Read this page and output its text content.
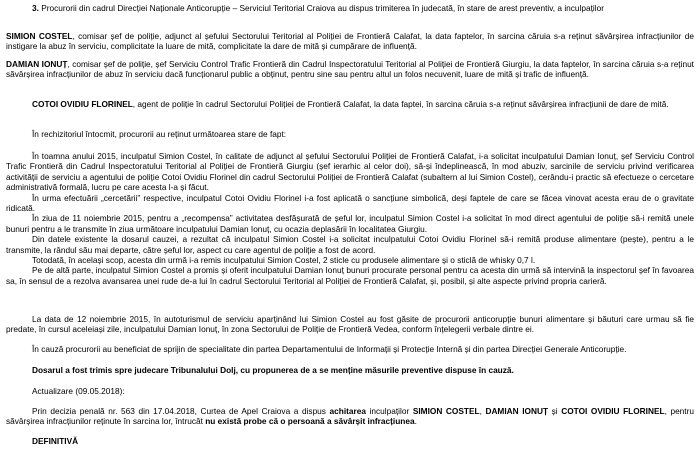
3. Procurorii din cadrul Direcției Naționale Anticorupție – Serviciul Teritorial Craiova au dispus trimiterea în judecată, în stare de arest preventiv, a inculpaților

SIMION COSTEL, comisar șef de poliție, adjunct al șefului Sectorului Teritorial al Poliției de Frontieră Calafat, la data faptelor, în sarcina căruia s-a reținut săvârșirea infracțiunilor de instigare la abuz în serviciu, complicitate la luare de mită, complicitate la dare de mită și cumpărare de influență.

DAMIAN IONUȚ, comisar șef de poliție, șef Serviciu Control Trafic Frontieră din Cadrul Inspectoratului Teritorial al Poliției de Frontieră Giurgiu, la data faptelor, în sarcina căruia s-a reținut săvârșirea infracțiunilor de abuz în serviciu dacă funcționarul public a obținut, pentru sine sau pentru altul un folos necuvenit, luare de mită și trafic de influență.

COTOI OVIDIU FLORINEL, agent de poliție în cadrul Sectorului Poliției de Frontieră Calafat, la data faptei, în sarcina căruia s-a reținut săvârșirea infracțiunii de dare de mită.

În rechizitoriul întocmit, procurorii au reținut următoarea stare de fapt:

În toamna anului 2015, inculpatul Simion Costel, în calitate de adjunct al șefului Sectorului Poliției de Frontieră Calafat, i-a solicitat inculpatului Damian Ionuț, șef Serviciu Control Trafic Frontieră din Cadrul Inspectoratului Teritorial al Poliției de Frontieră Giurgiu (șef ierarhic al celor doi), să-și îndeplinească, în mod abuziv, sarcinile de serviciu privind verificarea activității de serviciu a agentului de poliție Cotoi Ovidiu Florinel din cadrul Sectorului Poliției de Frontieră Calafat (subaltern al lui Simion Costel), cerându-i practic să efectueze o cercetare administrativă formală, lucru pe care acesta l-a și făcut.

În urma efectuării „cercetării” respective, inculpatul Cotoi Ovidiu Florinel i-a fost aplicată o sancțiune simbolică, deși faptele de care se făcea vinovat acesta erau de o gravitate ridicată.

În ziua de 11 noiembrie 2015, pentru a „recompensa” activitatea desfășurată de șeful lor, inculpatul Simion Costel i-a solicitat în mod direct agentului de poliție să-i remită unele bunuri pentru a le transmite în ziua următoare inculpatului Damian Ionuț, cu ocazia deplasării în localitatea Giurgiu.

Din datele existente la dosarul cauzei, a rezultat că inculpatul Simion Costel i-a solicitat inculpatului Cotoi Ovidiu Florinel să-i remită produse alimentare (pește), pentru a le transmite, la rândul său mai departe, către șeful lor, aspect cu care agentul de poliție a fost de acord.

Totodată, în același scop, acesta din urmă i-a remis inculpatului Simion Costel, 2 sticle cu produsele alimentare și o sticlă de whisky 0,7 l.

Pe de altă parte, inculpatul Simion Costel a promis și oferit inculpatului Damian Ionuț bunuri procurate personal pentru ca acesta din urmă să intervină la inspectorul șef în favoarea sa, în sensul de a rezolva avansarea unei rude de-a lui în cadrul Sectorului Teritorial al Poliției de Frontieră Calafat, și, posibil, și alte aspecte privind propria carieră.

La data de 12 noiembrie 2015, în autoturismul de serviciu aparținând lui Simion Costel au fost găsite de procurorii anticorupție bunuri alimentare și băuturi care urmau să fie predate, în cursul aceleiași zile, inculpatului Damian Ionuț, în zona Sectorului de Poliție de Frontieră Vedea, conform înțelegerii verbale dintre ei.

În cauză procurorii au beneficiat de sprijin de specialitate din partea Departamentului de Informații și Protecție Internă și din partea Direcției Generale Anticorupție.

Dosarul a fost trimis spre judecare Tribunalului Dolj, cu propunerea de a se menține măsurile preventive dispuse în cauză.

Actualizare (09.05.2018):

Prin decizia penală nr. 563 din 17.04.2018, Curtea de Apel Craiova a dispus achitarea inculpaților SIMION COSTEL, DAMIAN IONUȚ și COTOI OVIDIU FLORINEL, pentru săvârșirea infracțiunilor reținute în sarcina lor, întrucât nu există probe că o persoană a săvârșit infracțiunea.

DEFINITIVĂ
